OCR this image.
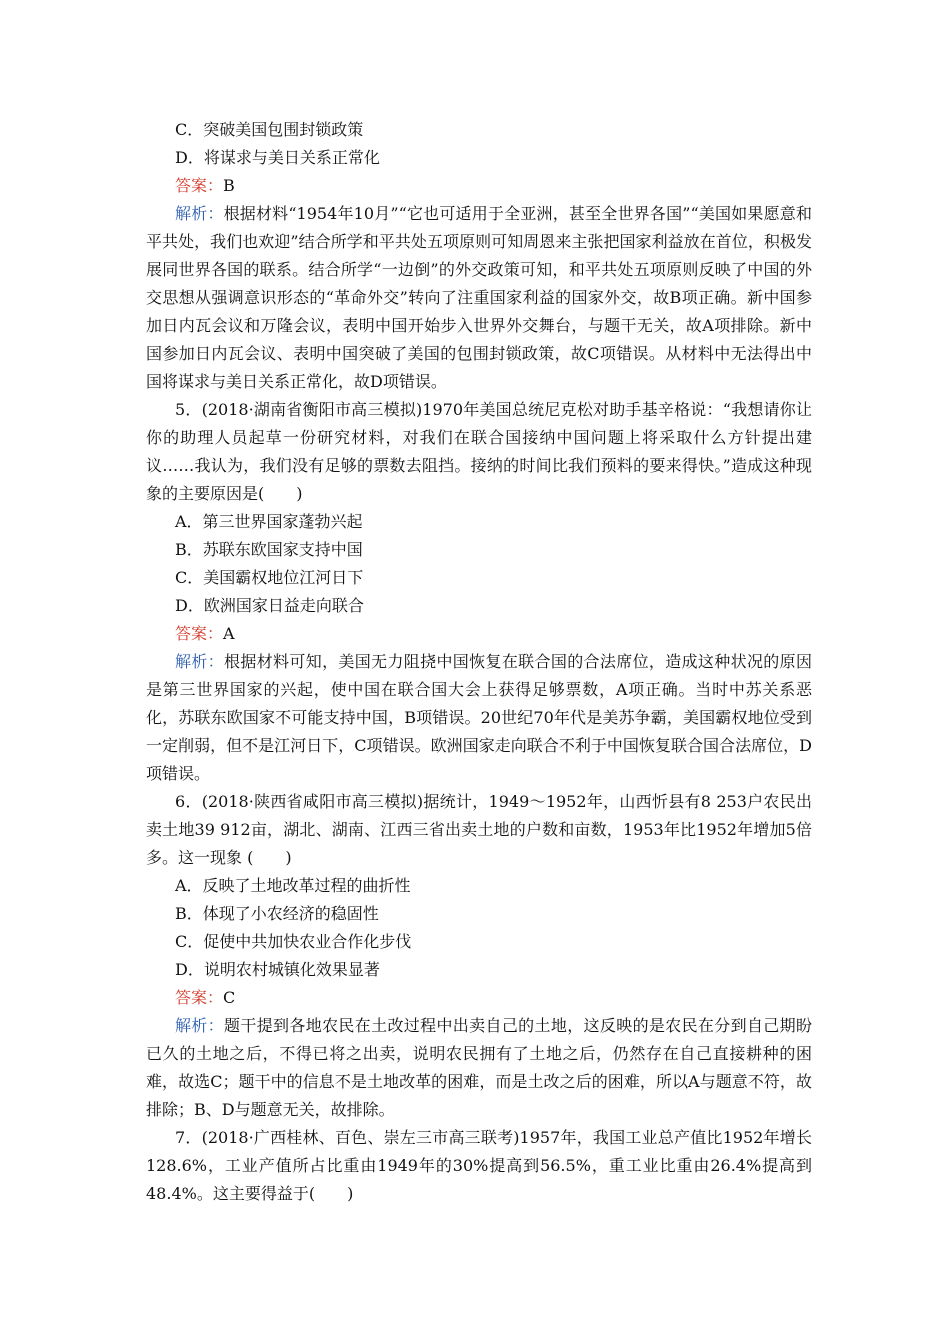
C．突破美国包围封锁政策
D．将谋求与美日关系正常化
答案：B
解析：根据材料“1954年10月”“它也可适用于全亚洲，甚至全世界各国”“美国如果愿意和平共处，我们也欢迎”结合所学和平共处五项原则可知周恩来主张把国家利益放在首位，积极发展同世界各国的联系。结合所学“一边倒”的外交政策可知，和平共处五项原则反映了中国的外交思想从强调意识形态的“革命外交”转向了注重国家利益的国家外交，故B项正确。新中国参加日内瓦会议和万隆会议，表明中国开始步入世界外交舞台，与题干无关，故A项排除。新中国参加日内瓦会议、表明中国突破了美国的包围封锁政策，故C项错误。从材料中无法得出中国将谋求与美日关系正常化，故D项错误。
5．(2018·湖南省衡阳市高三模拟)1970年美国总统尼克松对助手基辛格说：“我想请你让你的助理人员起草一份研究材料，对我们在联合国接纳中国问题上将采取什么方针提出建议……我认为，我们没有足够的票数去阻挡。接纳的时间比我们预料的要来得快。”造成这种现象的主要原因是(　　)
A．第三世界国家蓬勃兴起
B．苏联东欧国家支持中国
C．美国霸权地位江河日下
D．欧洲国家日益走向联合
答案：A
解析：根据材料可知，美国无力阻挠中国恢复在联合国的合法席位，造成这种状况的原因是第三世界国家的兴起，使中国在联合国大会上获得足够票数，A项正确。当时中苏关系恶化，苏联东欧国家不可能支持中国，B项错误。20世纪70年代是美苏争霸，美国霸权地位受到一定削弱，但不是江河日下，C项错误。欧洲国家走向联合不利于中国恢复联合国合法席位，D项错误。
6．(2018·陕西省咸阳市高三模拟)据统计，1949～1952年，山西忻县有8 253户农民出卖土地39 912亩，湖北、湖南、江西三省出卖土地的户数和亩数，1953年比1952年增加5倍多。这一现象 (　　)
A．反映了土地改革过程的曲折性
B．体现了小农经济的稳固性
C．促使中共加快农业合作化步伐
D．说明农村城镇化效果显著
答案：C
解析：题干提到各地农民在土改过程中出卖自己的土地，这反映的是农民在分到自己期盼已久的土地之后，不得已将之出卖，说明农民拥有了土地之后，仍然存在自己直接耕种的困难，故选C；题干中的信息不是土地改革的困难，而是土改之后的困难，所以A与题意不符，故排除；B、D与题意无关，故排除。
7．(2018·广西桂林、百色、崇左三市高三联考)1957年，我国工业总产值比1952年增长128.6%，工业产值所占比重由1949年的30%提高到56.5%，重工业比重由26.4%提高到48.4%。这主要得益于(　　)
